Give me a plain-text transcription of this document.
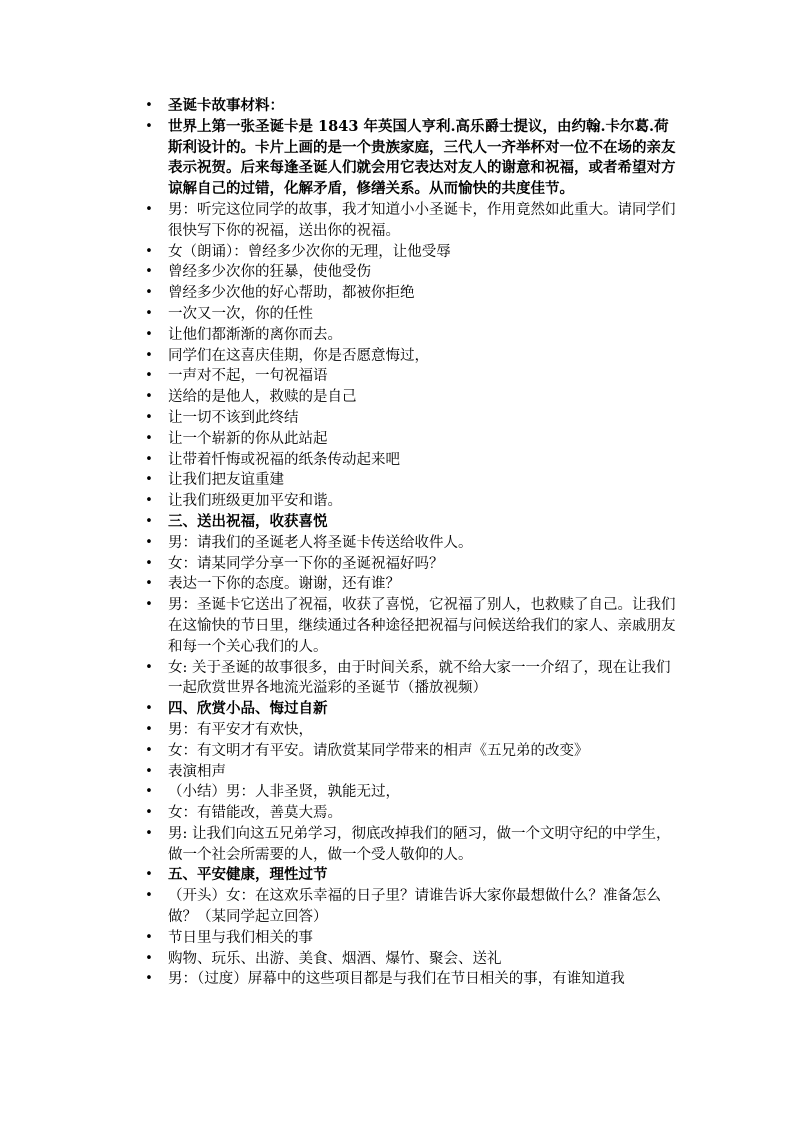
• 圣诞卡故事材料：
• 世界上第一张圣诞卡是 1843 年英国人亨利.高乐爵士提议，由约翰.卡尔葛.荷斯利设计的。卡片上画的是一个贵族家庭，三代人一齐举杯对一位不在场的亲友表示祝贺。后来每逢圣诞人们就会用它表达对友人的谢意和祝福，或者希望对方谅解自己的过错，化解矛盾，修缮关系。从而愉快的共度佳节。
• 男：听完这位同学的故事，我才知道小小圣诞卡，作用竟然如此重大。请同学们很快写下你的祝福，送出你的祝福。
• 女（朗诵）：曾经多少次你的无理，让他受辱
• 曾经多少次你的狂暴，使他受伤
• 曾经多少次他的好心帮助，都被你拒绝
• 一次又一次，你的任性
• 让他们都渐渐的离你而去。
• 同学们在这喜庆佳期，你是否愿意悔过，
• 一声对不起，一句祝福语
• 送给的是他人，救赎的是自己
• 让一切不该到此终结
• 让一个崭新的你从此站起
• 让带着忏悔或祝福的纸条传动起来吧
• 让我们把友谊重建
• 让我们班级更加平安和谐。
• 三、送出祝福，收获喜悦
• 男：请我们的圣诞老人将圣诞卡传送给收件人。
• 女：请某同学分享一下你的圣诞祝福好吗？
• 表达一下你的态度。谢谢，还有谁？
• 男：圣诞卡它送出了祝福，收获了喜悦，它祝福了别人，也救赎了自己。让我们在这愉快的节日里，继续通过各种途径把祝福与问候送给我们的家人、亲戚朋友和每一个关心我们的人。
• 女: 关于圣诞的故事很多，由于时间关系，就不给大家一一介绍了，现在让我们一起欣赏世界各地流光溢彩的圣诞节（播放视频）
• 四、欣赏小品、悔过自新
• 男：有平安才有欢快，
• 女：有文明才有平安。请欣赏某同学带来的相声《五兄弟的改变》
• 表演相声
• （小结）男：人非圣贤，孰能无过，
• 女：有错能改，善莫大焉。
• 男: 让我们向这五兄弟学习，彻底改掉我们的陋习，做一个文明守纪的中学生，做一个社会所需要的人，做一个受人敬仰的人。
• 五、平安健康，理性过节
• （开头）女：在这欢乐幸福的日子里？请谁告诉大家你最想做什么？准备怎么做？（某同学起立回答）
• 节日里与我们相关的事
• 购物、玩乐、出游、美食、烟酒、爆竹、聚会、送礼
• 男：（过度）屏幕中的这些项目都是与我们在节日相关的事，有谁知道我
